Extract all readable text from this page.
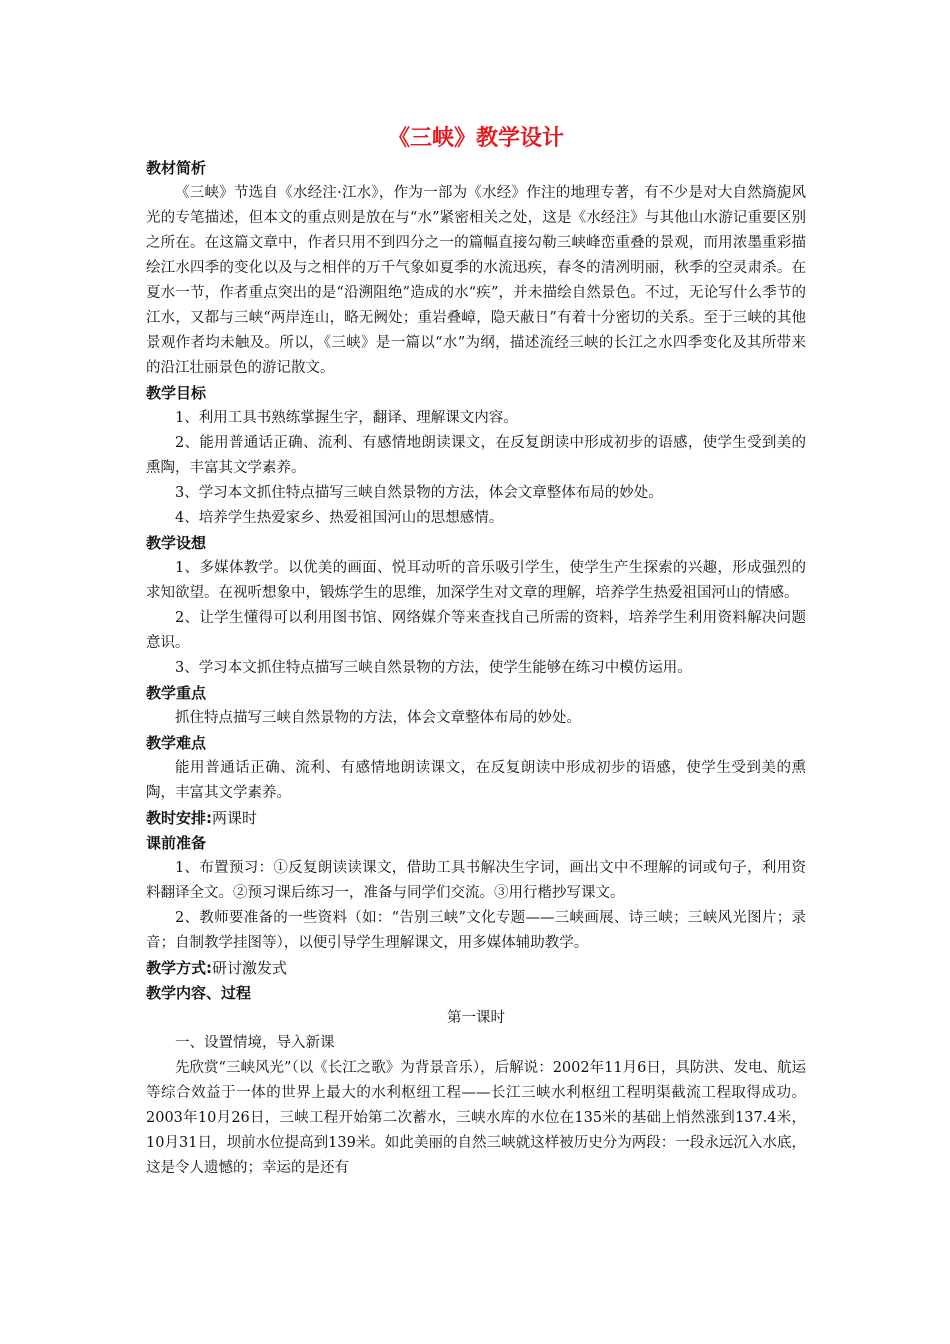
《三峡》教学设计

教材简析

《三峡》节选自《水经注·江水》，作为一部为《水经》作注的地理专著，有不少是对大自然旖旎风光的专笔描述，但本文的重点则是放在与“水”紧密相关之处，这是《水经注》与其他山水游记重要区别之所在。在这篇文章中，作者只用不到四分之一的篇幅直接勾勒三峡峰峦重叠的景观，而用浓墨重彩描绘江水四季的变化以及与之相伴的万千气象如夏季的水流迅疾，春冬的清冽明丽，秋季的空灵肃杀。在夏水一节，作者重点突出的是“沿溯阻绝”造成的水“疾”，并未描绘自然景色。不过，无论写什么季节的江水，又都与三峡“两岸连山，略无阙处；重岩叠嶂，隐天蔽日”有着十分密切的关系。至于三峡的其他景观作者均未触及。所以，《三峡》是一篇以“水”为纲，描述流经三峡的长江之水四季变化及其所带来的沿江壮丽景色的游记散文。

教学目标

1、利用工具书熟练掌握生字，翻译、理解课文内容。

2、能用普通话正确、流利、有感情地朗读课文，在反复朗读中形成初步的语感，使学生受到美的熏陶，丰富其文学素养。

3、学习本文抓住特点描写三峡自然景物的方法，体会文章整体布局的妙处。

4、培养学生热爱家乡、热爱祖国河山的思想感情。

教学设想

1、多媒体教学。以优美的画面、悦耳动听的音乐吸引学生，使学生产生探索的兴趣，形成强烈的求知欲望。在视听想象中，锻炼学生的思维，加深学生对文章的理解，培养学生热爱祖国河山的情感。

2、让学生懂得可以利用图书馆、网络媒介等来查找自己所需的资料，培养学生利用资料解决问题意识。

3、学习本文抓住特点描写三峡自然景物的方法，使学生能够在练习中模仿运用。

教学重点

抓住特点描写三峡自然景物的方法，体会文章整体布局的妙处。

教学难点

能用普通话正确、流利、有感情地朗读课文，在反复朗读中形成初步的语感，使学生受到美的熏陶，丰富其文学素养。

教时安排:两课时

课前准备

1、布置预习：①反复朗读读课文，借助工具书解决生字词，画出文中不理解的词或句子，利用资料翻译全文。②预习课后练习一，准备与同学们交流。③用行楷抄写课文。

2、教师要准备的一些资料（如：“告别三峡”文化专题——三峡画展、诗三峡；三峡风光图片；录音；自制教学挂图等），以便引导学生理解课文，用多媒体辅助教学。

教学方式:研讨激发式

教学内容、过程

第一课时

一、设置情境，导入新课

先欣赏“三峡风光”（以《长江之歌》为背景音乐），后解说：2002年11月6日，具防洪、发电、航运等综合效益于一体的世界上最大的水利枢纽工程——长江三峡水利枢纽工程明渠截流工程取得成功。2003年10月26日，三峡工程开始第二次蓄水，三峡水库的水位在135米的基础上悄然涨到137.4米，10月31日，坝前水位提高到139米。如此美丽的自然三峡就这样被历史分为两段：一段永远沉入水底，这是令人遗憾的；幸运的是还有
